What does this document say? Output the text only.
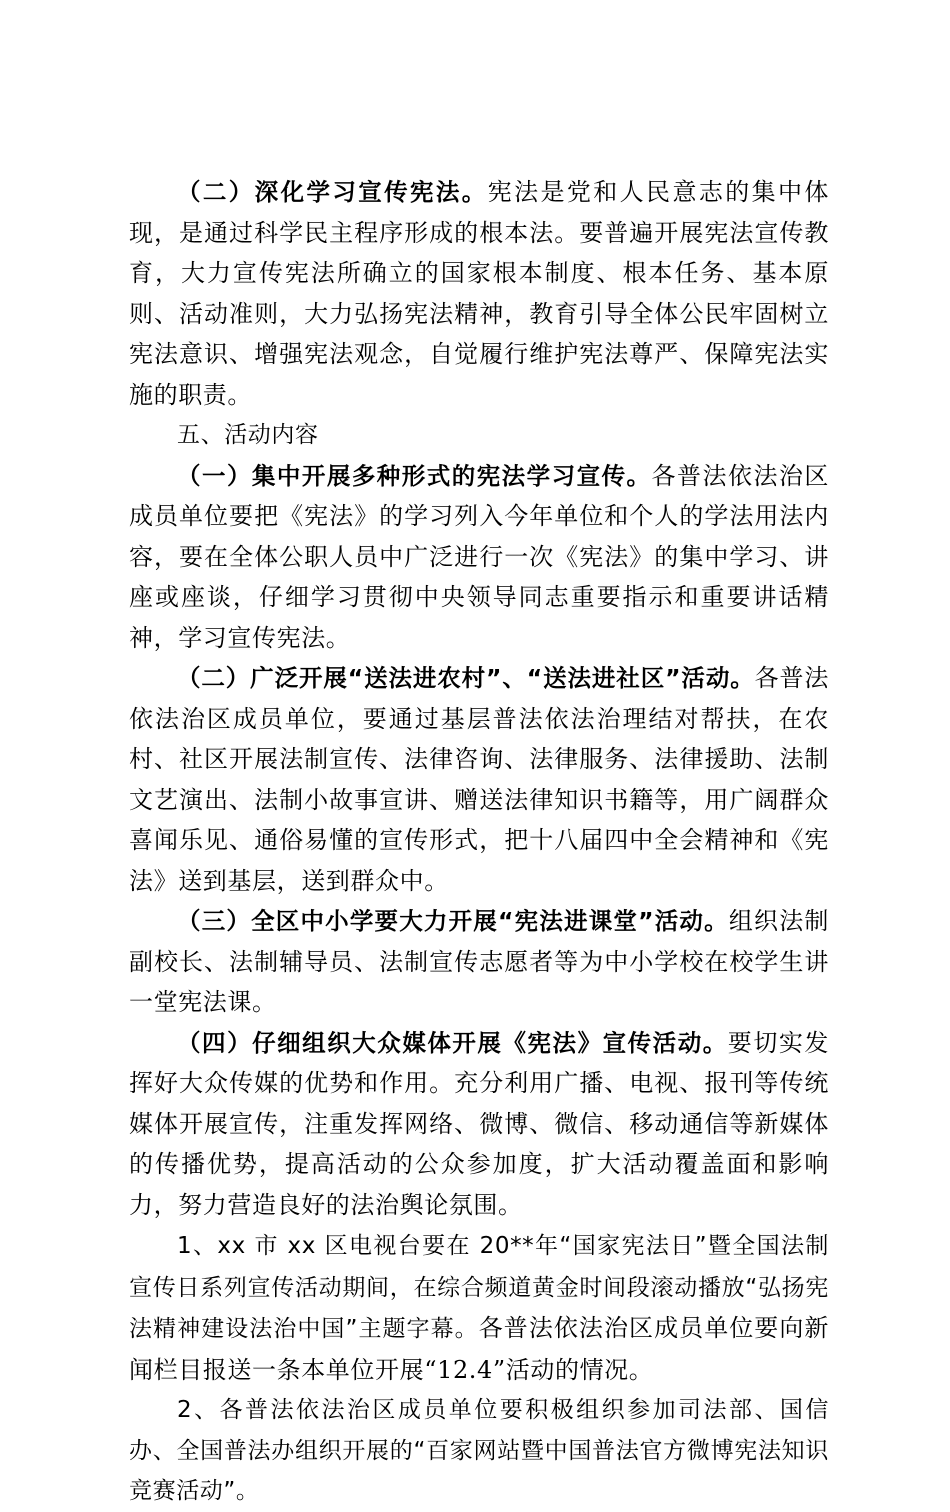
（二）深化学习宣传宪法。宪法是党和人民意志的集中体现，是通过科学民主程序形成的根本法。要普遍开展宪法宣传教育，大力宣传宪法所确立的国家根本制度、根本任务、基本原则、活动准则，大力弘扬宪法精神，教育引导全体公民牢固树立宪法意识、增强宪法观念，自觉履行维护宪法尊严、保障宪法实施的职责。

五、活动内容

（一）集中开展多种形式的宪法学习宣传。各普法依法治区成员单位要把《宪法》的学习列入今年单位和个人的学法用法内容，要在全体公职人员中广泛进行一次《宪法》的集中学习、讲座或座谈，仔细学习贯彻中央领导同志重要指示和重要讲话精神，学习宣传宪法。

（二）广泛开展“送法进农村”、“送法进社区”活动。各普法依法治区成员单位，要通过基层普法依法治理结对帮扶，在农村、社区开展法制宣传、法律咨询、法律服务、法律援助、法制文艺演出、法制小故事宣讲、赠送法律知识书籍等，用广阔群众喜闻乐见、通俗易懂的宣传形式，把十八届四中全会精神和《宪法》送到基层，送到群众中。

（三）全区中小学要大力开展“宪法进课堂”活动。组织法制副校长、法制辅导员、法制宣传志愿者等为中小学校在校学生讲一堂宪法课。

（四）仔细组织大众媒体开展《宪法》宣传活动。要切实发挥好大众传媒的优势和作用。充分利用广播、电视、报刊等传统媒体开展宣传，注重发挥网络、微博、微信、移动通信等新媒体的传播优势，提高活动的公众参加度，扩大活动覆盖面和影响力，努力营造良好的法治舆论氛围。

1、xx 市 xx 区电视台要在 20**年“国家宪法日”暨全国法制宣传日系列宣传活动期间，在综合频道黄金时间段滚动播放“弘扬宪法精神建设法治中国”主题字幕。各普法依法治区成员单位要向新闻栏目报送一条本单位开展“12.4”活动的情况。

2、各普法依法治区成员单位要积极组织参加司法部、国信办、全国普法办组织开展的“百家网站暨中国普法官方微博宪法知识竞赛活动”。
